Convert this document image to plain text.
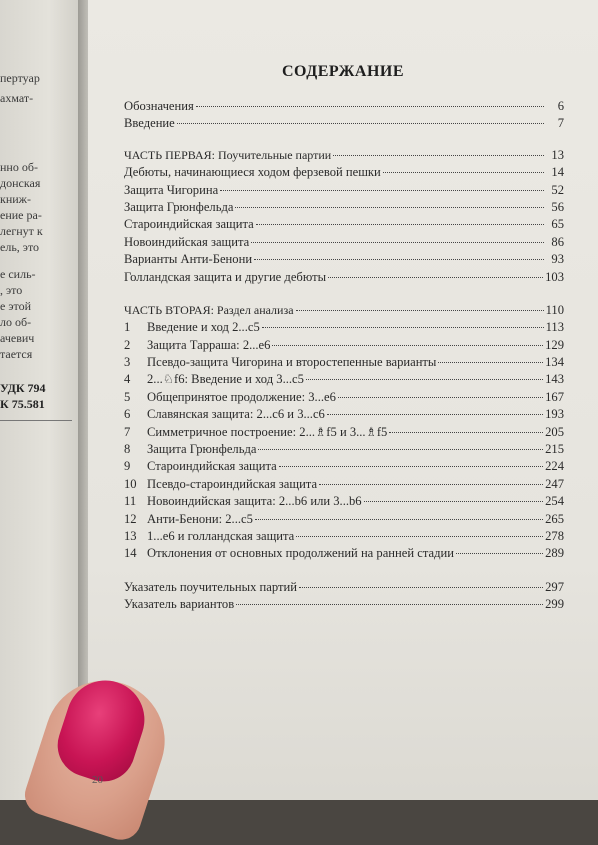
пертуар
ахмат-
нно об-
донская
книж-
ение ра-
легнут к
ель, это
е силь-
, это
е этой
ло об-
ачевич
тается
УДК 794
К 75.581
СОДЕРЖАНИЕ
Обозначения	6
Введение	7
ЧАСТЬ ПЕРВАЯ: Поучительные партии	13
Дебюты, начинающиеся ходом ферзевой пешки	14
Защита Чигорина	52
Защита Грюнфельда	56
Староиндийская защита	65
Новоиндийская защита	86
Варианты Анти-Бенони	93
Голландская защита и другие дебюты	103
ЧАСТЬ ВТОРАЯ: Раздел анализа	110
1	Введение и ход 2...c5	113
2	Защита Тарраша: 2...e6	129
3	Псевдо-защита Чигорина и второстепенные варианты	134
4	2...♘f6: Введение и ход 3...c5	143
5	Общепринятое продолжение: 3...e6	167
6	Славянская защита: 2...c6 и 3...c6	193
7	Симметричное построение: 2...♗f5 и 3...♗f5	205
8	Защита Грюнфельда	215
9	Староиндийская защита	224
10 Псевдо-староиндийская защита	247
11 Новоиндийская защита: 2...b6 или 3...b6	254
12 Анти-Бенони: 2...c5	265
13 1...e6 и голландская защита	278
14 Отклонения от основных продолжений на ранней стадии	289
Указатель поучительных партий	297
Указатель вариантов	299
20
